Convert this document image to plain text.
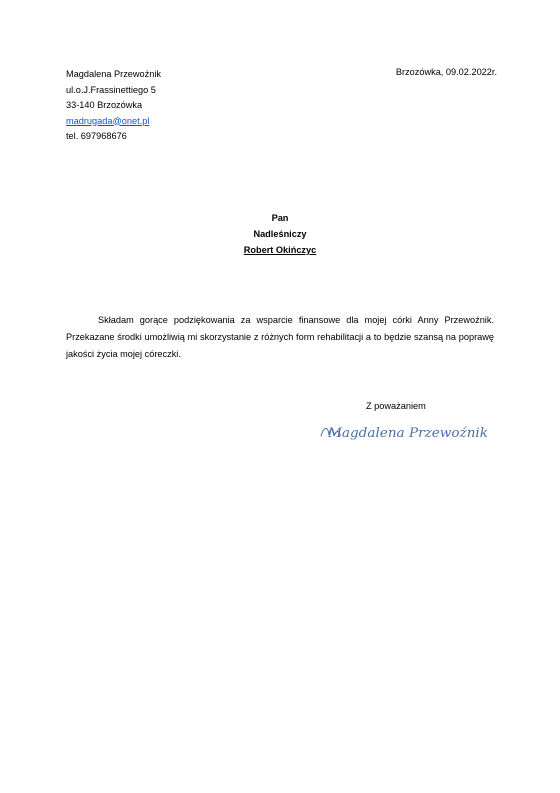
Magdalena Przewoźnik
ul.o.J.Frassinettiego 5
33-140 Brzozówka
madrugada@onet.pl
tel. 697968676
Brzozówka, 09.02.2022r.
Pan
Nadleśniczy
Robert Okińczyc

Składam gorące podziękowania za wsparcie finansowe dla mojej córki Anny Przewoźnik. Przekazane środki umożliwią mi skorzystanie z różnych form rehabilitacji a to będzie szansą na poprawę jakości życia mojej córeczki.

Z poważaniem
Magdalena Przewoźnik
